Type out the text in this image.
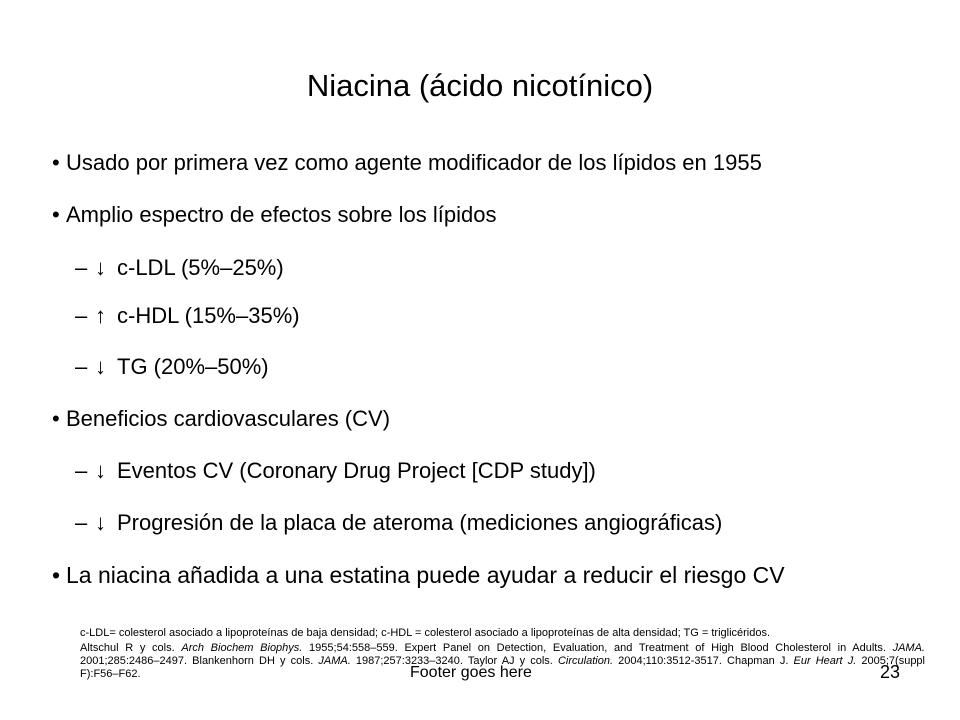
Niacina (ácido nicotínico)
• Usado por primera vez como agente modificador de los lípidos en 1955
• Amplio espectro de efectos sobre los lípidos
– ↓ c-LDL (5%–25%)
– ↑ c-HDL (15%–35%)
– ↓ TG (20%–50%)
• Beneficios cardiovasculares (CV)
– ↓ Eventos CV (Coronary Drug Project [CDP study])
– ↓ Progresión de la placa de ateroma (mediciones angiográficas)
• La niacina añadida a una estatina puede ayudar a reducir el riesgo CV
c-LDL= colesterol asociado a lipoproteínas de baja densidad; c-HDL = colesterol asociado a lipoproteínas de alta densidad; TG = triglicéridos.
Altschul R y cols. Arch Biochem Biophys. 1955;54:558–559. Expert Panel on Detection, Evaluation, and Treatment of High Blood Cholesterol in Adults. JAMA. 2001;285:2486–2497. Blankenhorn DH y cols. JAMA. 1987;257:3233–3240. Taylor AJ y cols. Circulation. 2004;110:3512-3517. Chapman J. Eur Heart J. 2005;7(suppl F):F56–F62.	Footer goes here	23
